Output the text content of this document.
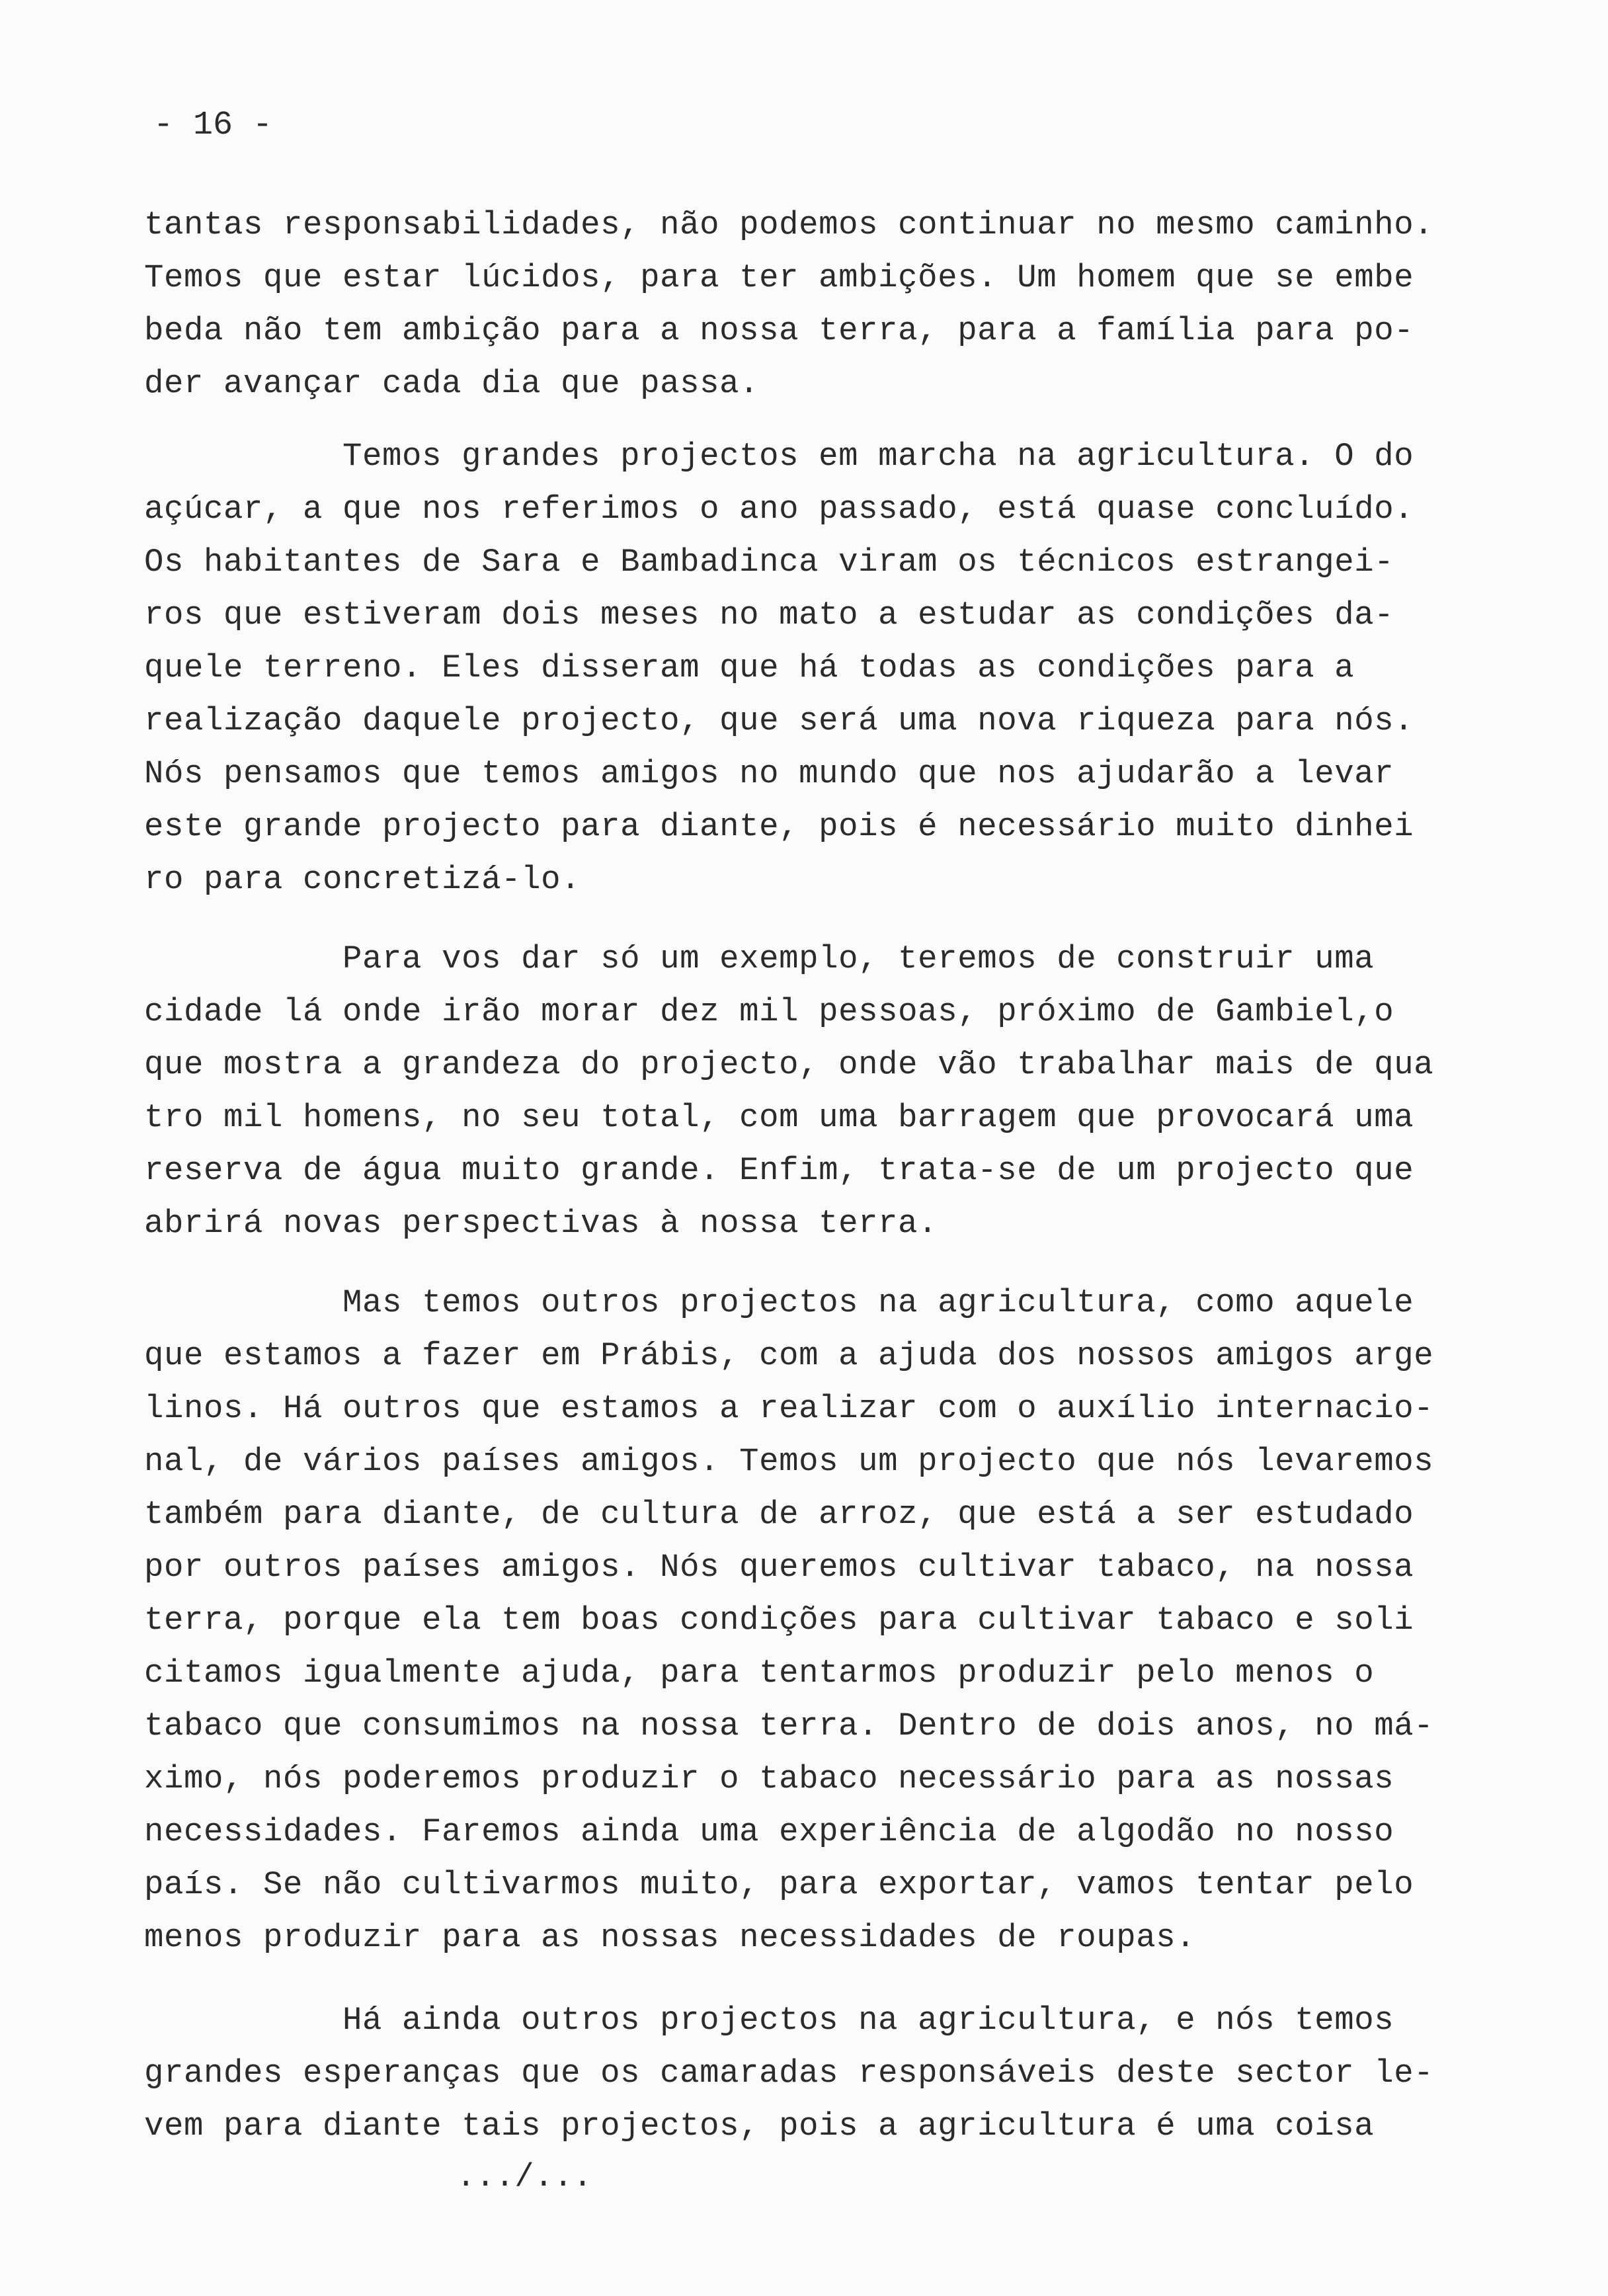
- 16 -
tantas responsabilidades, não podemos continuar no mesmo caminho.
Temos que estar lúcidos, para ter ambições. Um homem que se embe
beda não tem ambição para a nossa terra, para a família para po-
der avançar cada dia que passa.
Temos grandes projectos em marcha na agricultura. O do
açúcar, a que nos referimos o ano passado, está quase concluído.
Os habitantes de Sara e Bambadinca viram os técnicos estrangei-
ros que estiveram dois meses no mato a estudar as condições da-
quele terreno. Eles disseram que há todas as condições para a
realização daquele projecto, que será uma nova riqueza para nós.
Nós pensamos que temos amigos no mundo que nos ajudarão a levar
este grande projecto para diante, pois é necessário muito dinhei
ro para concretizá-lo.
Para vos dar só um exemplo, teremos de construir uma
cidade lá onde irão morar dez mil pessoas, próximo de Gambiel,o
que mostra a grandeza do projecto, onde vão trabalhar mais de qua
tro mil homens, no seu total, com uma barragem que provocará uma
reserva de água muito grande. Enfim, trata-se de um projecto que
abrirá novas perspectivas à nossa terra.
Mas temos outros projectos na agricultura, como aquele
que estamos a fazer em Prábis, com a ajuda dos nossos amigos arge
linos. Há outros que estamos a realizar com o auxílio internacio-
nal, de vários países amigos. Temos um projecto que nós levaremos
também para diante, de cultura de arroz, que está a ser estudado
por outros países amigos. Nós queremos cultivar tabaco, na nossa
terra, porque ela tem boas condições para cultivar tabaco e soli
citamos igualmente ajuda, para tentarmos produzir pelo menos o
tabaco que consumimos na nossa terra. Dentro de dois anos, no má-
ximo, nós poderemos produzir o tabaco necessário para as nossas
necessidades. Faremos ainda uma experiência de algodão no nosso
país. Se não cultivarmos muito, para exportar, vamos tentar pelo
menos produzir para as nossas necessidades de roupas.
Há ainda outros projectos na agricultura, e nós temos
grandes esperanças que os camaradas responsáveis deste sector le-
vem para diante tais projectos, pois a agricultura é uma coisa
.../...
